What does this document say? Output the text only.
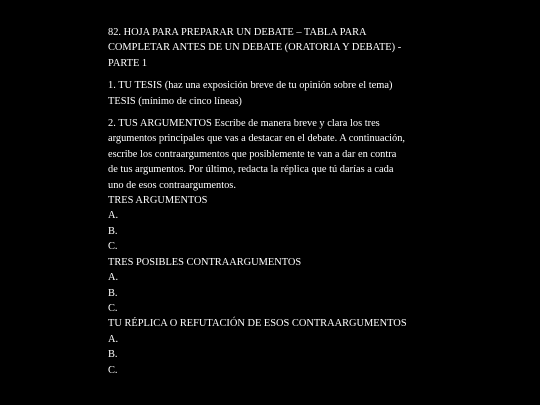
82. HOJA PARA PREPARAR UN DEBATE – TABLA PARA
COMPLETAR ANTES DE UN DEBATE (ORATORIA Y DEBATE) -
PARTE 1
1. TU TESIS (haz una exposición breve de tu opinión sobre el tema)
TESIS (mínimo de cinco líneas)
2. TUS ARGUMENTOS Escribe de manera breve y clara los tres
argumentos principales que vas a destacar en el debate. A continuación,
escribe los contraargumentos que posiblemente te van a dar en contra
de tus argumentos. Por último, redacta la réplica que tú darías a cada
uno de esos contraargumentos.
TRES ARGUMENTOS
A.
B.
C.
TRES POSIBLES CONTRAARGUMENTOS
A.
B.
C.
TU RÉPLICA O REFUTACIÓN DE ESOS CONTRAARGUMENTOS
A.
B.
C.
